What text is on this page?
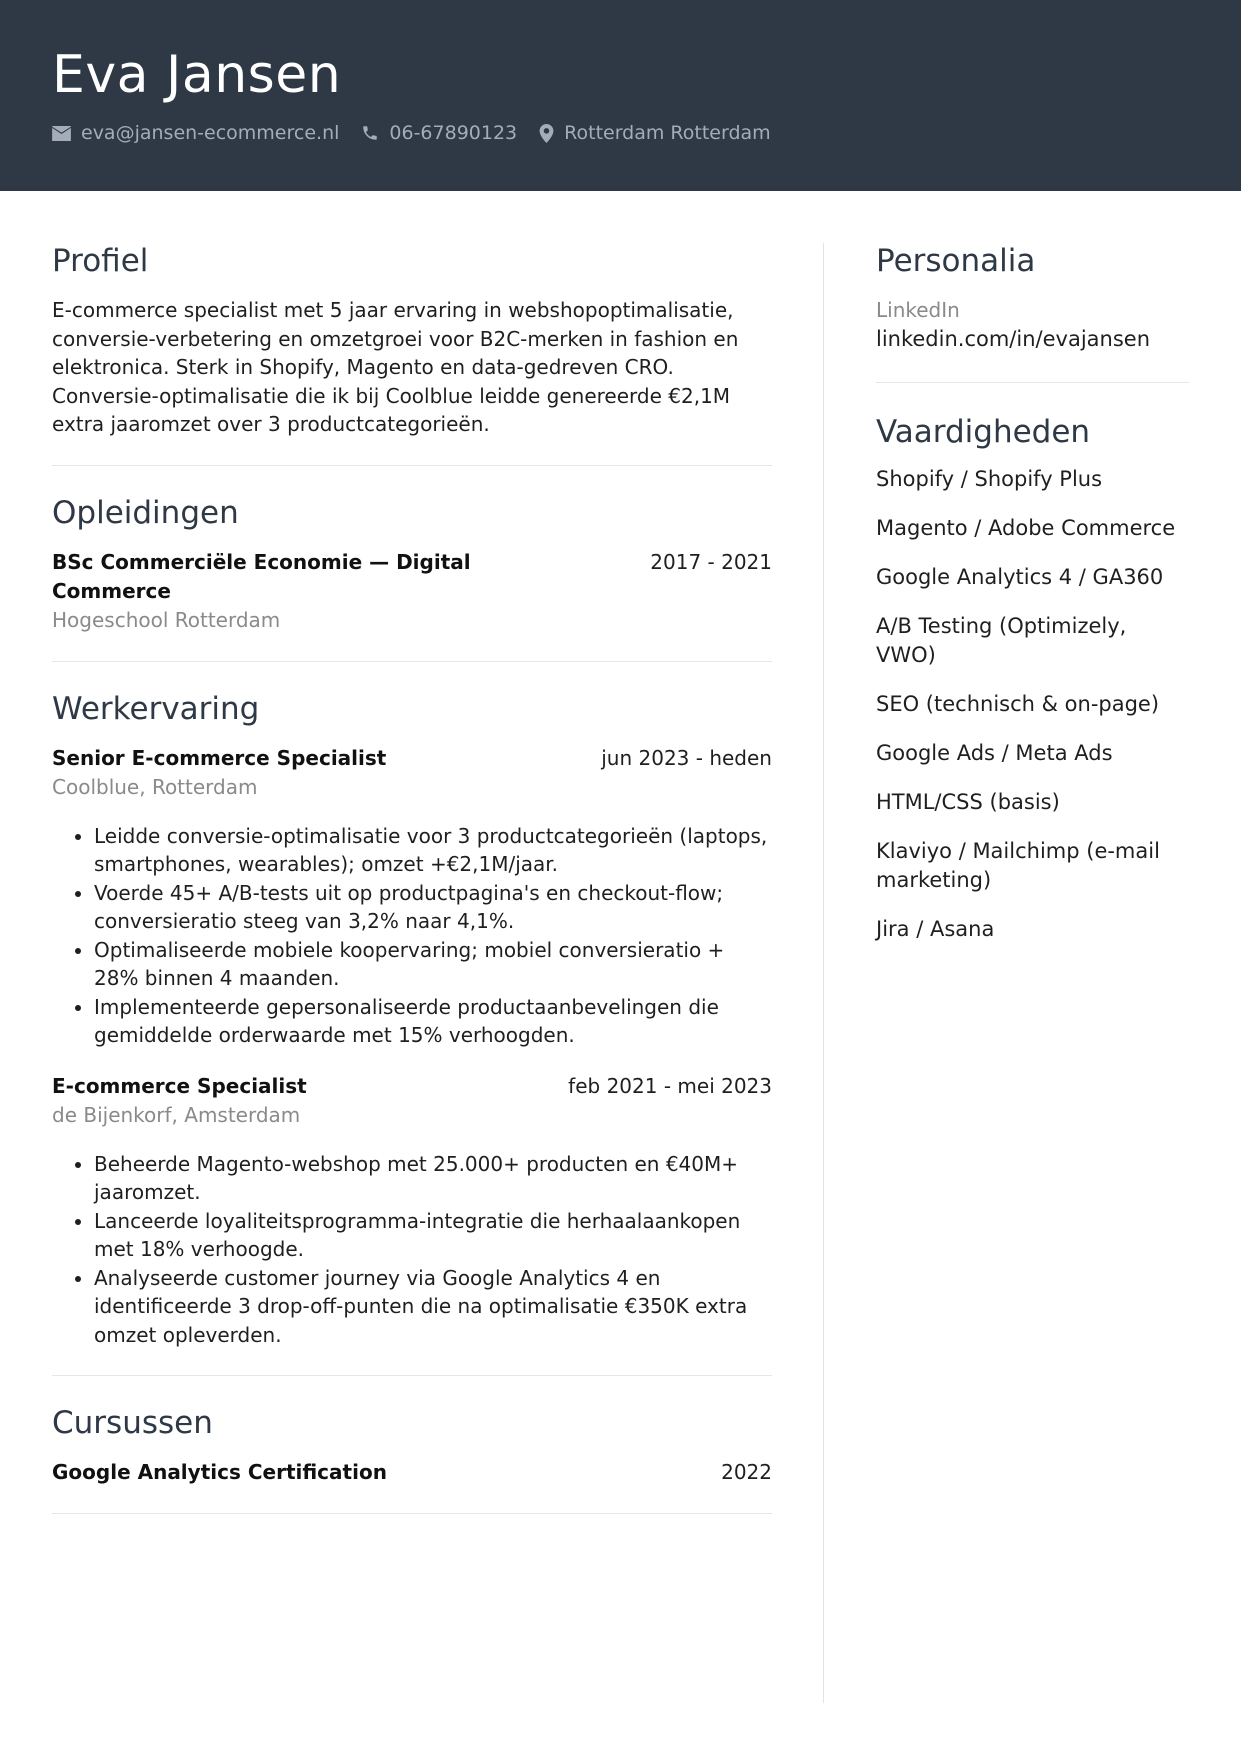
Eva Jansen
eva@jansen-ecommerce.nl	06-67890123 Rotterdam Rotterdam
Profiel

E-commerce specialist met 5 jaar ervaring in webshopoptimalisatie, conversie-verbetering en omzetgroei voor B2C-merken in fashion en elektronica. Sterk in Shopify, Magento en data-gedreven CRO. Conversie-optimalisatie die ik bij Coolblue leidde genereerde €2,1M extra jaaromzet over 3 productcategorieën.

Opleidingen
BSc Commerciële Economie — Digital Commerce
2017 - 2021
Hogeschool Rotterdam
Werkervaring
Senior E-commerce Specialist	jun 2023 - heden
Coolblue, Rotterdam
• Leidde conversie-optimalisatie voor 3 productcategorieën (laptops, smartphones, wearables); omzet +€2,1M/jaar.
• Voerde 45+ A/B-tests uit op productpagina's en checkout-flow; conversieratio steeg van 3,2% naar 4,1%.
• Optimaliseerde mobiele koopervaring; mobiel conversieratio + 28% binnen 4 maanden.
• Implementeerde gepersonaliseerde productaanbevelingen die gemiddelde orderwaarde met 15% verhoogden.
E-commerce Specialist	feb 2021 - mei 2023
de Bijenkorf, Amsterdam
• Beheerde Magento-webshop met 25.000+ producten en €40M+ jaaromzet.
• Lanceerde loyaliteitsprogramma-integratie die herhaalaankopen met 18% verhoogde.
• Analyseerde customer journey via Google Analytics 4 en identificeerde 3 drop-off-punten die na optimalisatie €350K extra omzet opleverden.
Cursussen
Google Analytics Certification	2022
Personalia
LinkedIn
linkedin.com/in/evajansen
Vaardigheden
Shopify / Shopify Plus
Magento / Adobe Commerce
Google Analytics 4 / GA360
A/B Testing (Optimizely, VWO)
SEO (technisch & on-page)
Google Ads / Meta Ads
HTML/CSS (basis)
Klaviyo / Mailchimp (e-mail marketing)
Jira / Asana
